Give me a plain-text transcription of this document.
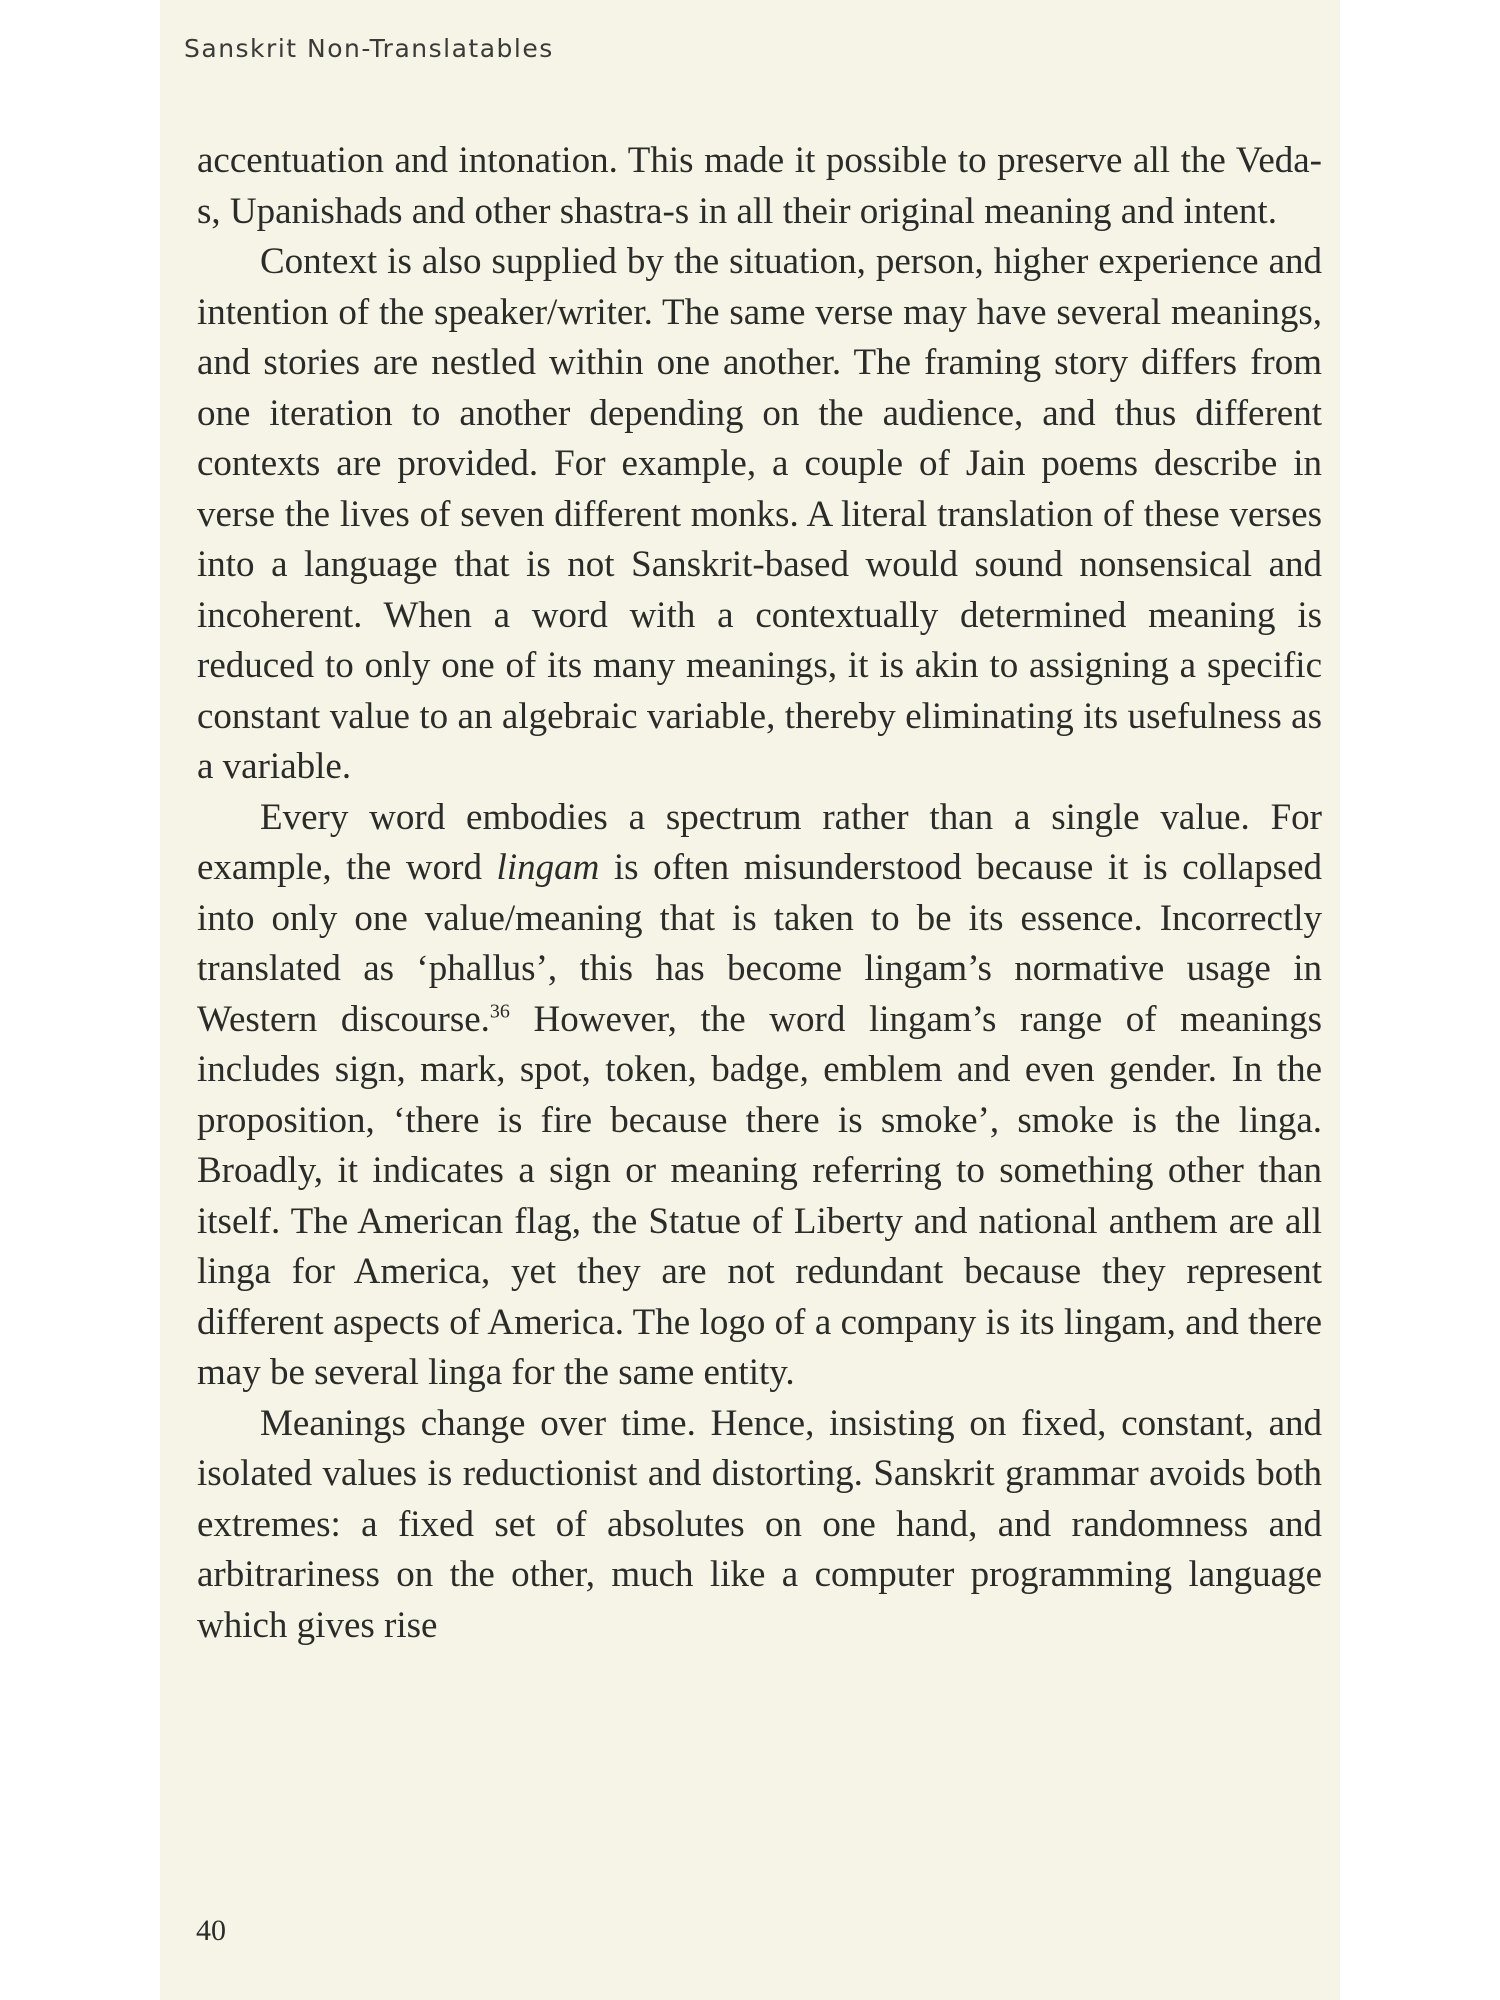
Sanskrit Non-Translatables

accentuation and intonation. This made it possible to preserve all the Veda-s, Upanishads and other shastra-s in all their original meaning and intent.

Context is also supplied by the situation, person, higher experience and intention of the speaker/writer. The same verse may have several meanings, and stories are nestled within one another. The framing story differs from one iteration to another depending on the audience, and thus different contexts are provided. For example, a couple of Jain poems describe in verse the lives of seven different monks. A literal translation of these verses into a language that is not Sanskrit-based would sound nonsensical and incoherent. When a word with a contextually determined meaning is reduced to only one of its many meanings, it is akin to assigning a specific constant value to an algebraic variable, thereby eliminating its usefulness as a variable.

Every word embodies a spectrum rather than a single value. For example, the word lingam is often misunderstood because it is collapsed into only one value/meaning that is taken to be its essence. Incorrectly translated as ‘phallus’, this has become lingam’s normative usage in Western discourse.$^{36}$ However, the word lingam’s range of meanings includes sign, mark, spot, token, badge, emblem and even gender. In the proposition, ‘there is fire because there is smoke’, smoke is the linga. Broadly, it indicates a sign or meaning referring to something other than itself. The American flag, the Statue of Liberty and national anthem are all linga for America, yet they are not redundant because they represent different aspects of America. The logo of a company is its lingam, and there may be several linga for the same entity.

Meanings change over time. Hence, insisting on fixed, constant, and isolated values is reductionist and distorting. Sanskrit grammar avoids both extremes: a fixed set of absolutes on one hand, and randomness and arbitrariness on the other, much like a computer programming language which gives rise

40
